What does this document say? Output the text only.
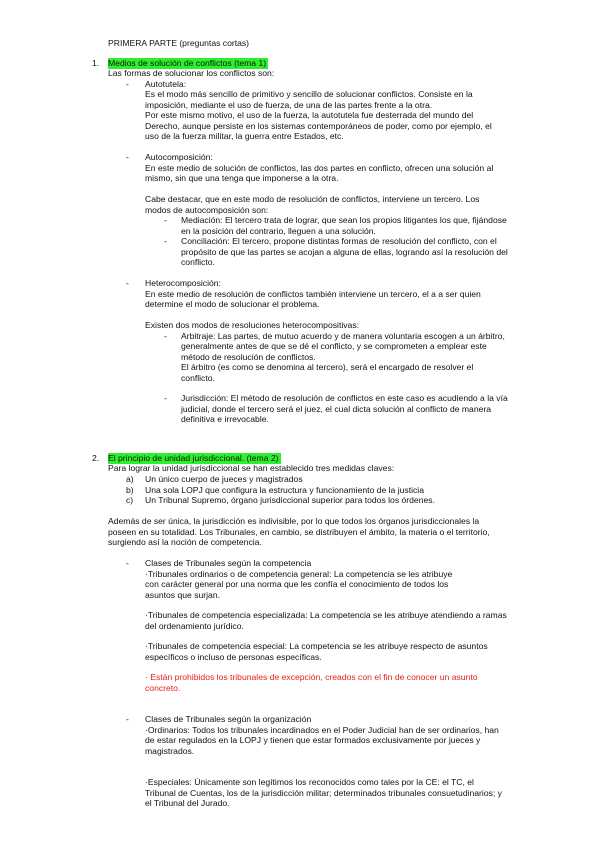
PRIMERA PARTE (preguntas cortas)
1. Medios de solución de conflictos (tema 1)
Las formas de solucionar los conflictos son:
- Autotutela:
Es el modo más sencillo de primitivo y sencillo de solucionar conflictos. Consiste en la
imposición, mediante el uso de fuerza, de una de las partes frente a la otra.
Por este mismo motivo, el uso de la fuerza, la autotutela fue desterrada del mundo del
Derecho, aunque persiste en los sistemas contemporáneos de poder, como por ejemplo, el
uso de la fuerza militar, la guerra entre Estados, etc.
- Autocomposición:
En este medio de solución de conflictos, las dos partes en conflicto, ofrecen una solución al
mismo, sin que una tenga que imponerse a la otra.
Cabe destacar, que en este modo de resolución de conflictos, interviene un tercero. Los
modos de autocomposición son:
- Mediación: El tercero trata de lograr, que sean los propios litigantes los que, fijándose
en la posición del contrario, lleguen a una solución.
- Conciliación: El tercero, propone distintas formas de resolución del conflicto, con el
propósito de que las partes se acojan a alguna de ellas, logrando así la resolución del
conflicto.
- Heterocomposición:
En este medio de resolución de conflictos también interviene un tercero, el a a ser quien
determine el modo de solucionar el problema.
Existen dos modos de resoluciones heterocompositivas:
- Arbitraje: Las partes, de mutuo acuerdo y de manera voluntaria escogen a un árbitro,
generalmente antes de que se dé el conflicto, y se comprometen a emplear este
método de resolución de conflictos.
El árbitro (es como se denomina al tercero), será el encargado de resolver el
conflicto.
- Jurisdicción: El método de resolución de conflictos en este caso es acudiendo a la vía
judicial, donde el tercero será el juez, el cual dicta solución al conflicto de manera
definitiva e irrevocable.
2. El principio de unidad jurisdiccional. (tema 2)
Para lograr la unidad jurisdiccional se han establecido tres medidas claves:
a) Un único cuerpo de jueces y magistrados
b) Una sola LOPJ que configura la estructura y funcionamiento de la justicia
c) Un Tribunal Supremo, órgano jurisdiccional superior para todos los órdenes.
Además de ser única, la jurisdicción es indivisible, por lo que todos los órganos jurisdiccionales la
poseen en su totalidad. Los Tribunales, en cambio, se distribuyen el ámbito, la materia o el territorio,
surgiendo así la noción de competencia.
- Clases de Tribunales según la competencia
·Tribunales ordinarios o de competencia general: La competencia se les atribuye
con carácter general por una norma que les confía el conocimiento de todos los
asuntos que surjan.
·Tribunales de competencia especializada: La competencia se les atribuye atendiendo a ramas
del ordenamiento jurídico.
·Tribunales de competencia especial: La competencia se les atribuye respecto de asuntos
específicos o incluso de personas específicas.
· Están prohibidos los tribunales de excepción, creados con el fin de conocer un asunto
concreto.
- Clases de Tribunales según la organización
·Ordinarios: Todos los tribunales incardinados en el Poder Judicial han de ser ordinarios, han
de estar regulados en la LOPJ y tienen que estar formados exclusivamente por jueces y
magistrados.
·Especiales: Únicamente son legítimos los reconocidos como tales por la CE: el TC, el
Tribunal de Cuentas, los de la jurisdicción militar; determinados tribunales consuetudinarios; y
el Tribunal del Jurado.
